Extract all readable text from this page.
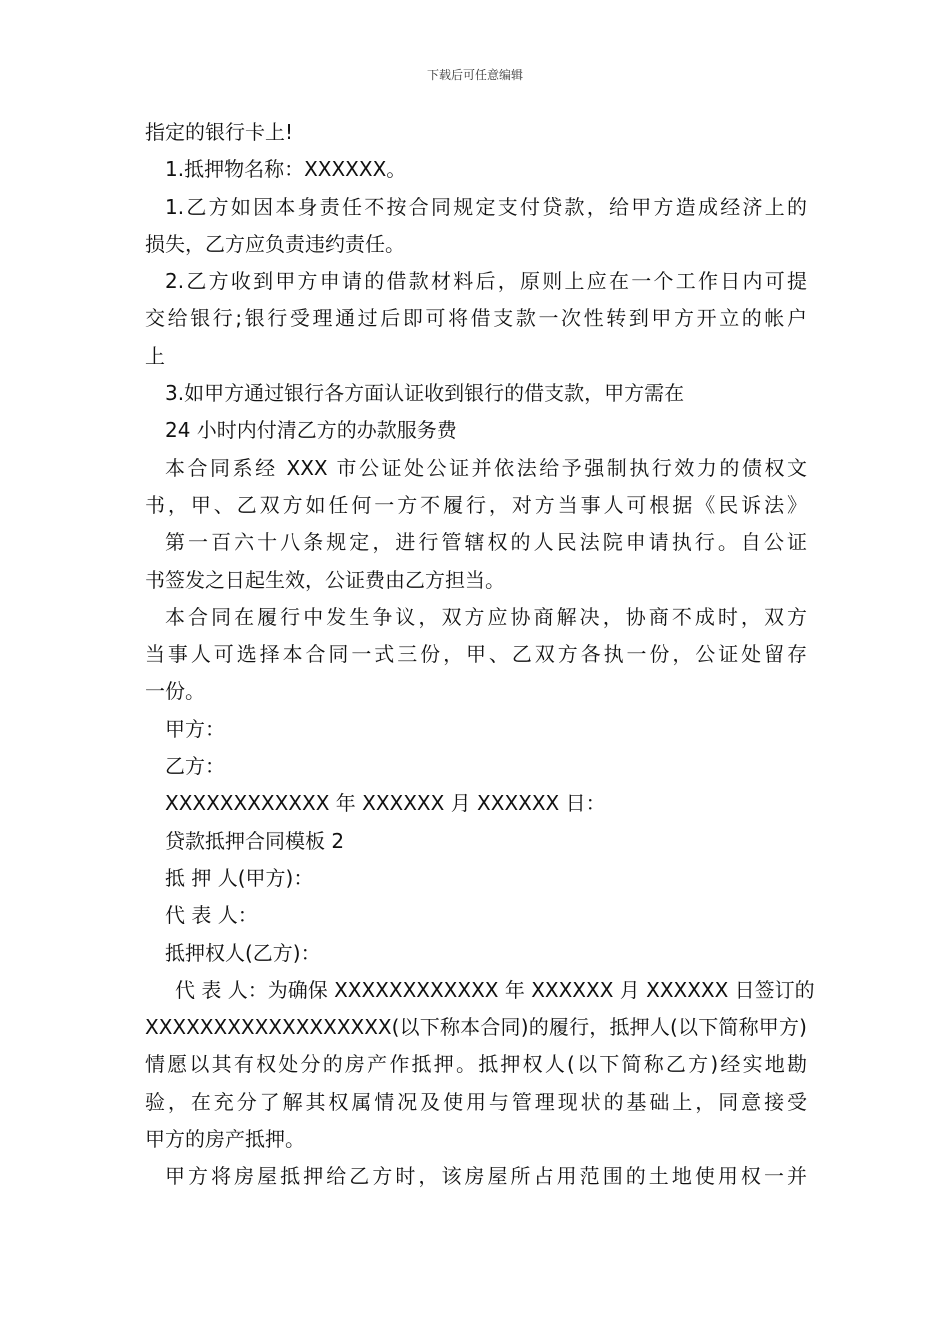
下载后可任意编辑
指定的银行卡上!
1.抵押物名称：XXXXXX。
1.乙方如因本身责任不按合同规定支付贷款，给甲方造成经济上的
损失，乙方应负责违约责任。
2.乙方收到甲方申请的借款材料后，原则上应在一个工作日内可提
交给银行;银行受理通过后即可将借支款一次性转到甲方开立的帐户
上
3.如甲方通过银行各方面认证收到银行的借支款，甲方需在
24 小时内付清乙方的办款服务费
本合同系经 XXX 市公证处公证并依法给予强制执行效力的债权文
书，甲、乙双方如任何一方不履行，对方当事人可根据《民诉法》
第一百六十八条规定，进行管辖权的人民法院申请执行。自公证
书签发之日起生效，公证费由乙方担当。
本合同在履行中发生争议，双方应协商解决，协商不成时，双方
当事人可选择本合同一式三份，甲、乙双方各执一份，公证处留存
一份。
甲方：
乙方：
XXXXXXXXXXXX 年 XXXXXX 月 XXXXXX 日：
贷款抵押合同模板 2
抵 押 人(甲方)：
代 表 人：
抵押权人(乙方)：
代 表 人：为确保 XXXXXXXXXXXX 年 XXXXXX 月 XXXXXX 日签订的
XXXXXXXXXXXXXXXXXX(以下称本合同)的履行，抵押人(以下简称甲方)
情愿以其有权处分的房产作抵押。抵押权人(以下简称乙方)经实地勘
验，在充分了解其权属情况及使用与管理现状的基础上，同意接受
甲方的房产抵押。
甲方将房屋抵押给乙方时，该房屋所占用范围的土地使用权一并
